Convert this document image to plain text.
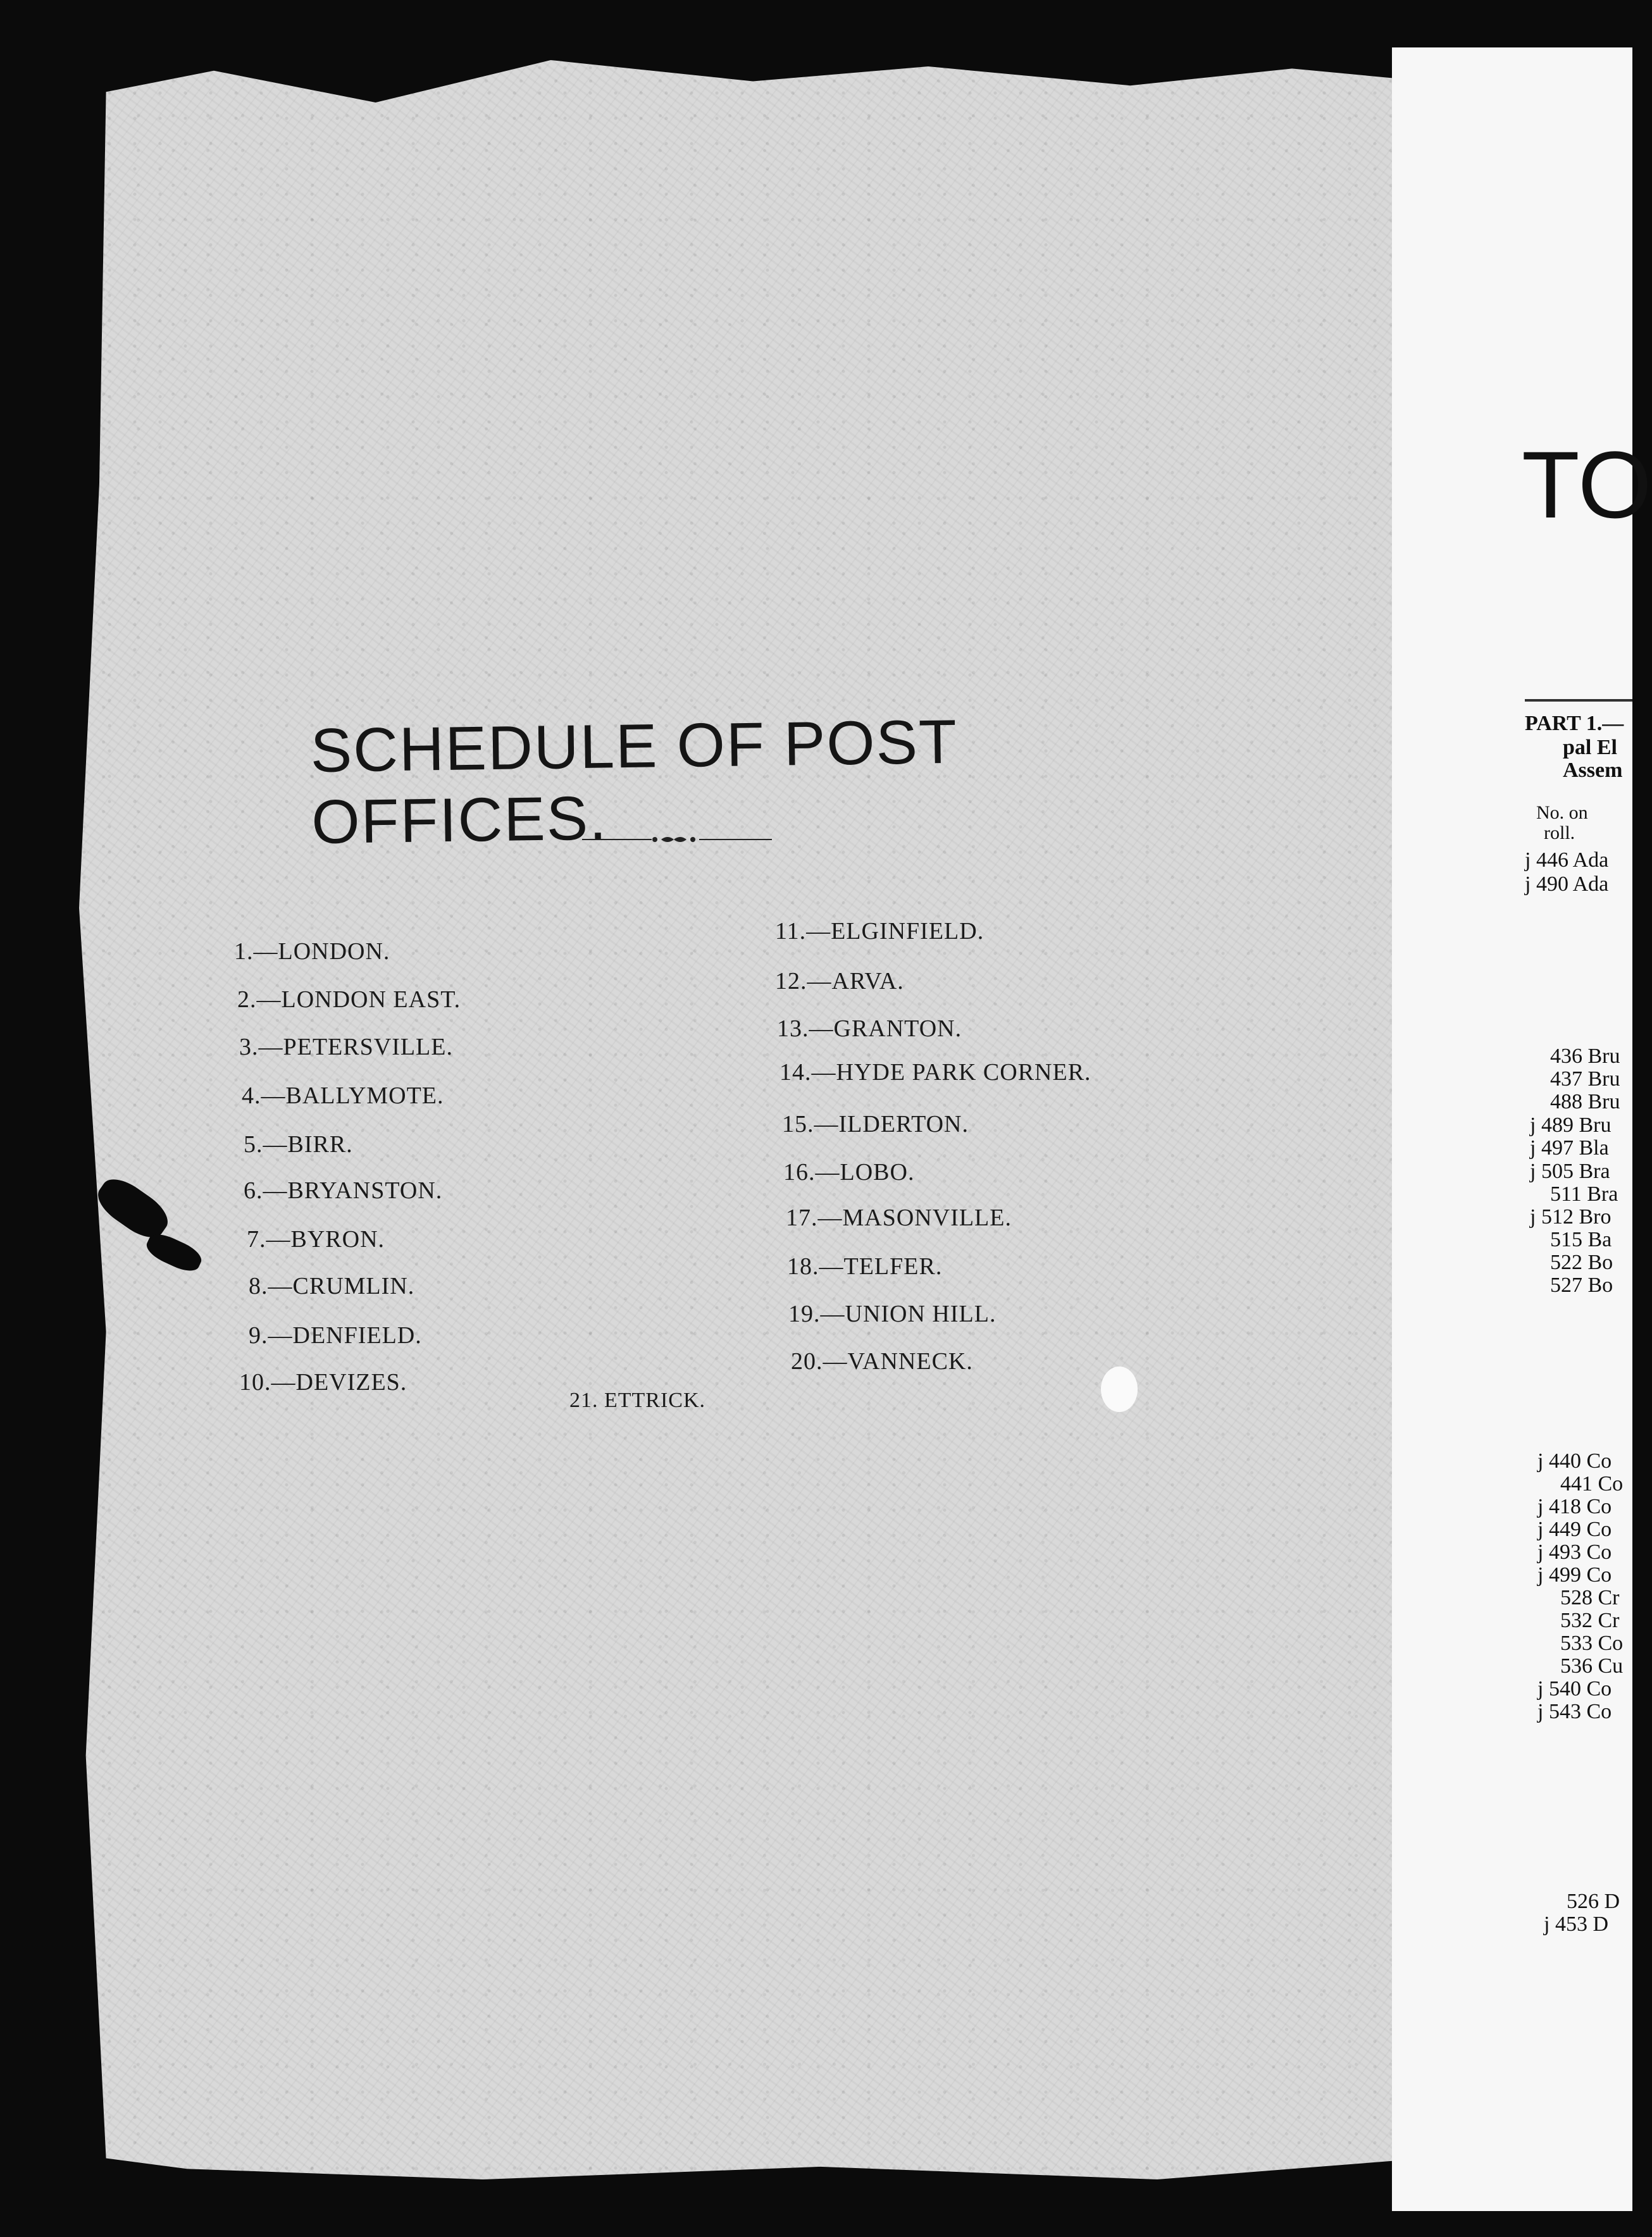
SCHEDULE OF POST OFFICES.
1.—LONDON.
2.—LONDON EAST.
3.—PETERSVILLE.
4.—BALLYMOTE.
5.—BIRR.
6.—BRYANSTON.
7.—BYRON.
8.—CRUMLIN.
9.—DENFIELD.
10.—DEVIZES.
11.—ELGINFIELD.
12.—ARVA.
13.—GRANTON.
14.—HYDE PARK CORNER.
15.—ILDERTON.
16.—LOBO.
17.—MASONVILLE.
18.—TELFER.
19.—UNION HILL.
20.—VANNECK.
21. ETTRICK.
TO
PART 1.—
pal El
Assem
No. on
roll.
j 446 Ada
j 490 Ada
436 Bru
437 Bru
488 Bru
j 489 Bru
j 497 Bla
j 505 Bra
511 Bra
j 512 Bro
515 Ba
522 Bo
527 Bo
j 440 Co
441 Co
j 418 Co
j 449 Co
j 493 Co
j 499 Co
528 Cr
532 Cr
533 Co
536 Cu
j 540 Co
j 543 Co
526 D
j 453 D
